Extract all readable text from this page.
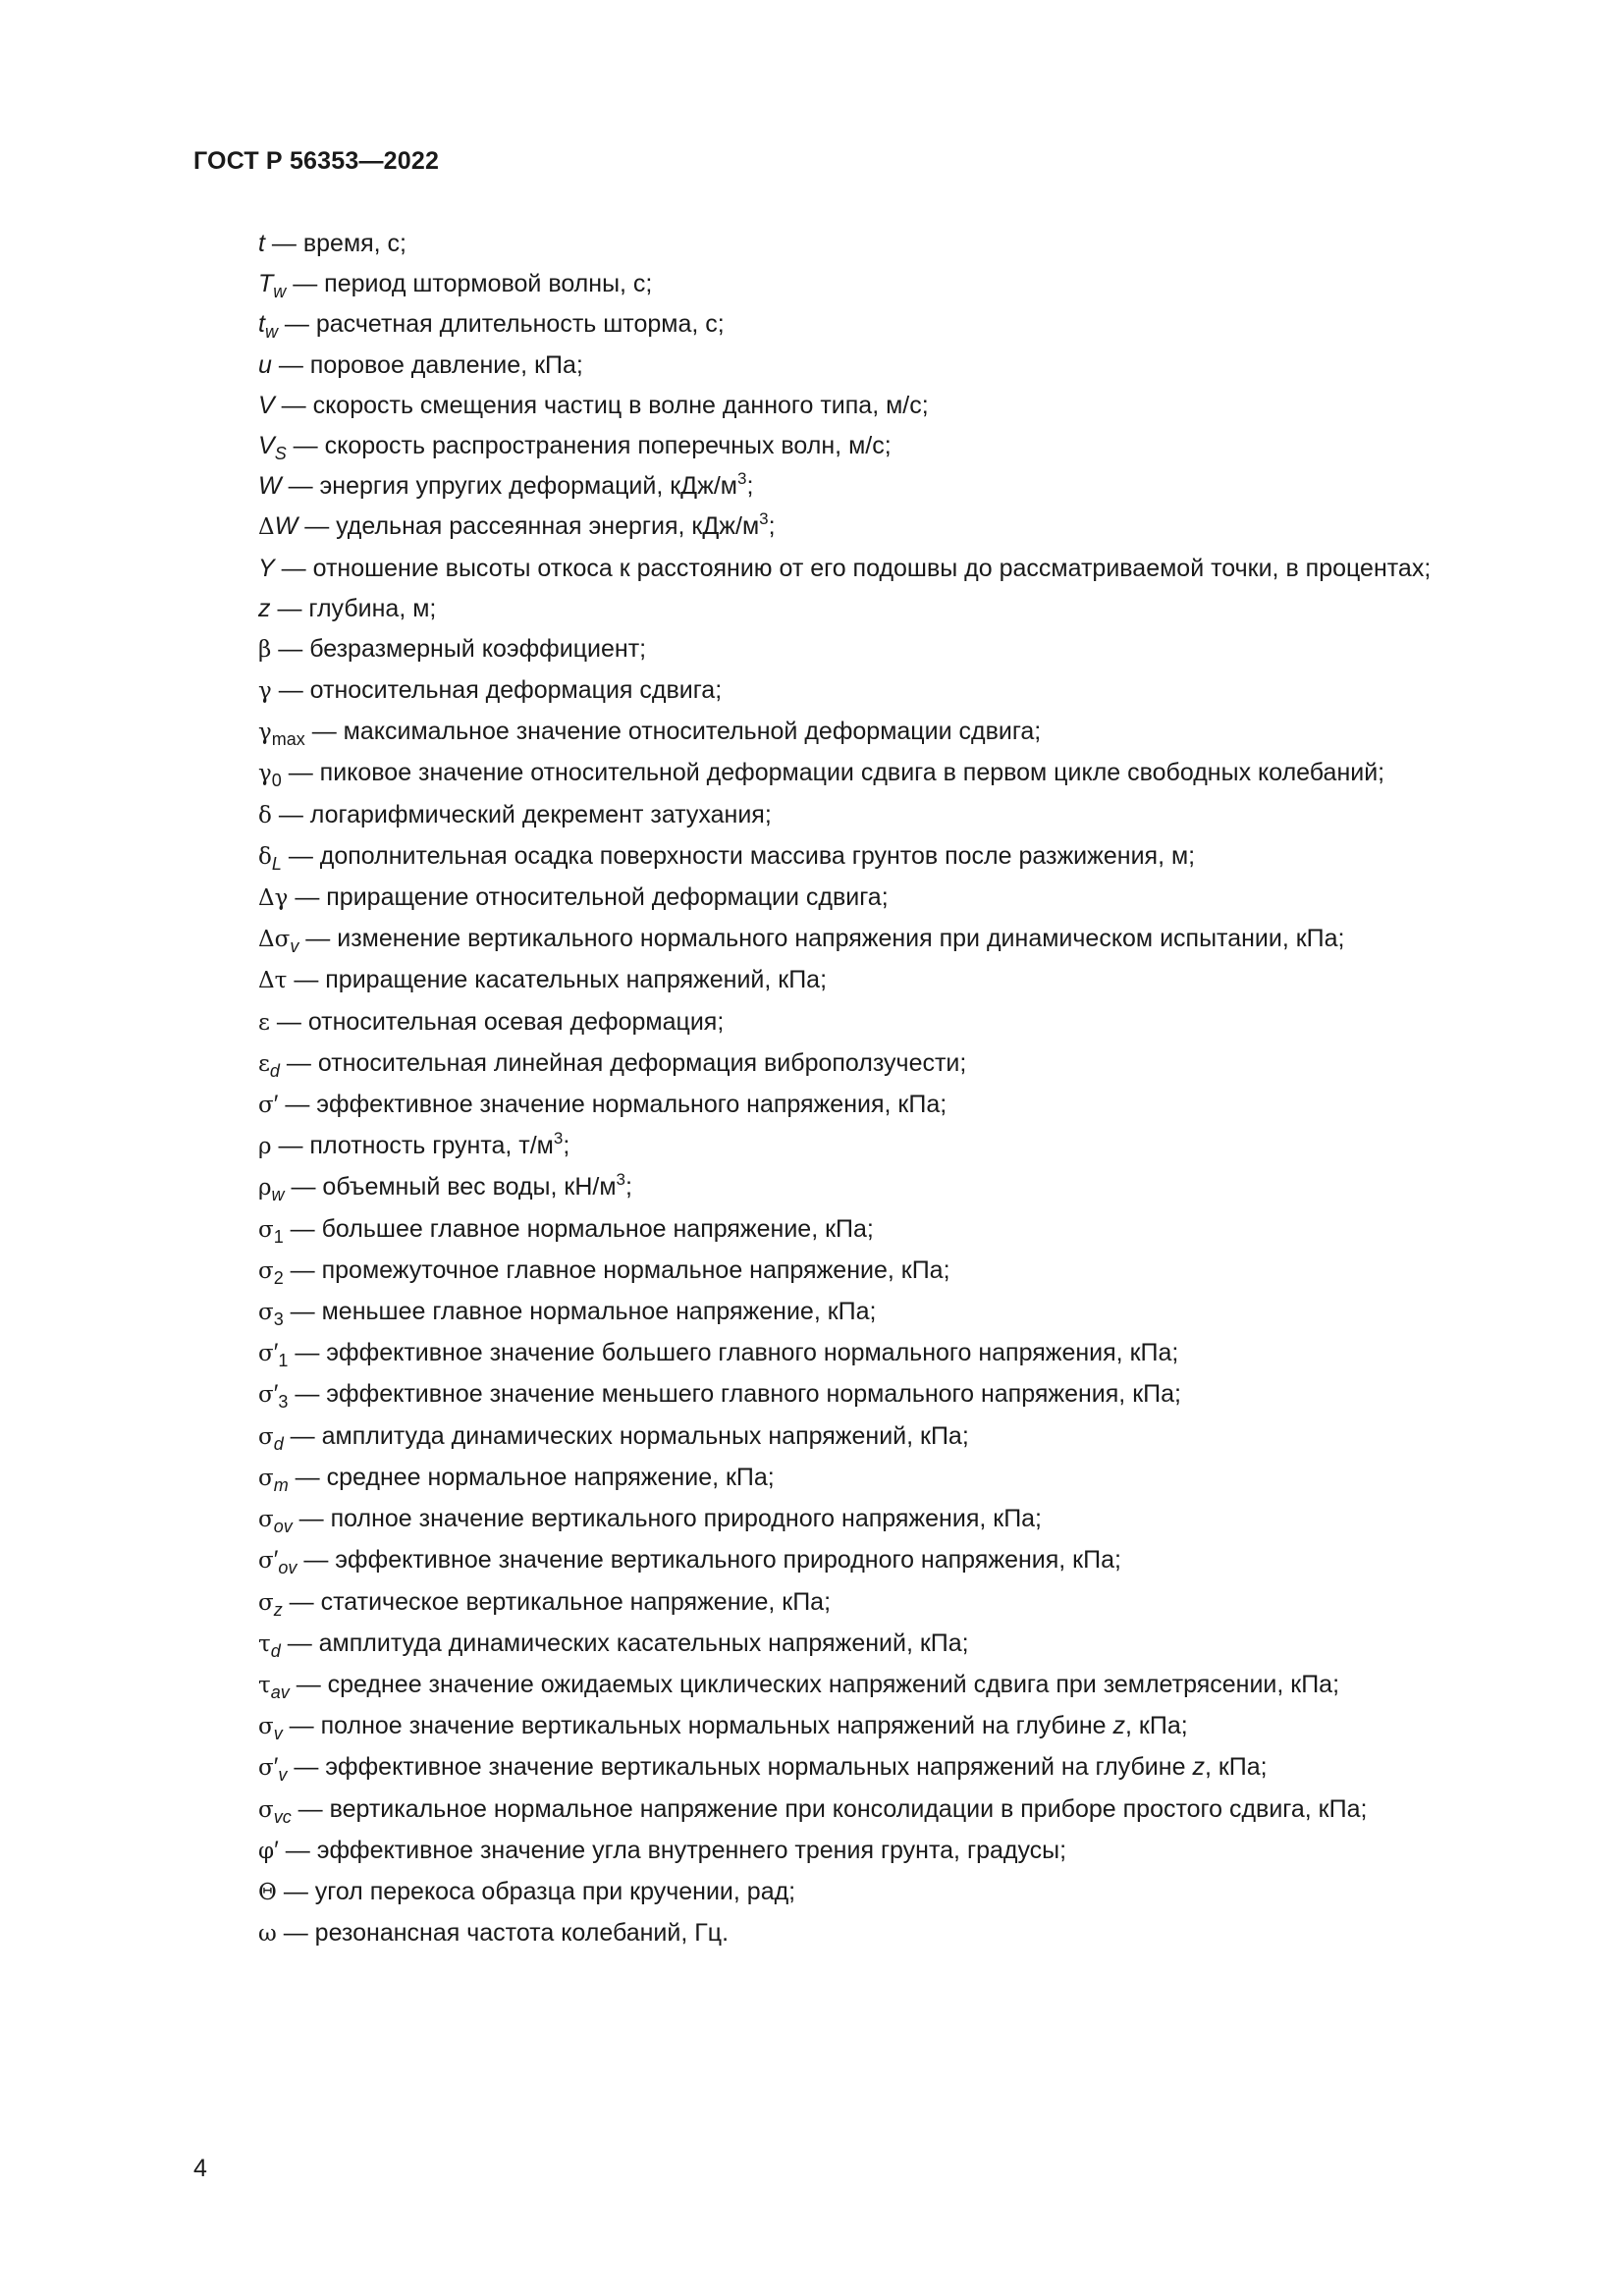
ГОСТ Р 56353—2022
t — время, с;
$T_w$ — период штормовой волны, с;
$t_w$ — расчетная длительность шторма, с;
u — поровое давление, кПа;
V — скорость смещения частиц в волне данного типа, м/с;
$V_S$ — скорость распространения поперечных волн, м/с;
W — энергия упругих деформаций, кДж/$м^3$;
ΔW — удельная рассеянная энергия, кДж/$м^3$;
Y — отношение высоты откоса к расстоянию от его подошвы до рассматриваемой точки, в процентах;
z — глубина, м;
β — безразмерный коэффициент;
γ — относительная деформация сдвига;
$\gamma_{max}$ — максимальное значение относительной деформации сдвига;
$\gamma_0$ — пиковое значение относительной деформации сдвига в первом цикле свободных колебаний;
δ — логарифмический декремент затухания;
$\delta_L$ — дополнительная осадка поверхности массива грунтов после разжижения, м;
Δγ — приращение относительной деформации сдвига;
$\Delta\sigma_v$ — изменение вертикального нормального напряжения при динамическом испытании, кПа;
Δτ — приращение касательных напряжений, кПа;
ε — относительная осевая деформация;
$\varepsilon_d$ — относительная линейная деформация виброползучести;
σ′ — эффективное значение нормального напряжения, кПа;
ρ — плотность грунта, $т/м^3$;
$\rho_w$ — объемный вес воды, $кН/м^3$;
$\sigma_1$ — большее главное нормальное напряжение, кПа;
$\sigma_2$ — промежуточное главное нормальное напряжение, кПа;
$\sigma_3$ — меньшее главное нормальное напряжение, кПа;
$\sigma'_1$ — эффективное значение большего главного нормального напряжения, кПа;
$\sigma'_3$ — эффективное значение меньшего главного нормального напряжения, кПа;
$\sigma_d$ — амплитуда динамических нормальных напряжений, кПа;
$\sigma_m$ — среднее нормальное напряжение, кПа;
$\sigma_{ov}$ — полное значение вертикального природного напряжения, кПа;
$\sigma'_{ov}$ — эффективное значение вертикального природного напряжения, кПа;
$\sigma_z$ — статическое вертикальное напряжение, кПа;
$\tau_d$ — амплитуда динамических касательных напряжений, кПа;
$\tau_{av}$ — среднее значение ожидаемых циклических напряжений сдвига при землетрясении, кПа;
$\sigma_v$ — полное значение вертикальных нормальных напряжений на глубине z, кПа;
$\sigma'_v$ — эффективное значение вертикальных нормальных напряжений на глубине z, кПа;
$\sigma_{vc}$ — вертикальное нормальное напряжение при консолидации в приборе простого сдвига, кПа;
φ′ — эффективное значение угла внутреннего трения грунта, градусы;
Θ — угол перекоса образца при кручении, рад;
ω — резонансная частота колебаний, Гц.
4
